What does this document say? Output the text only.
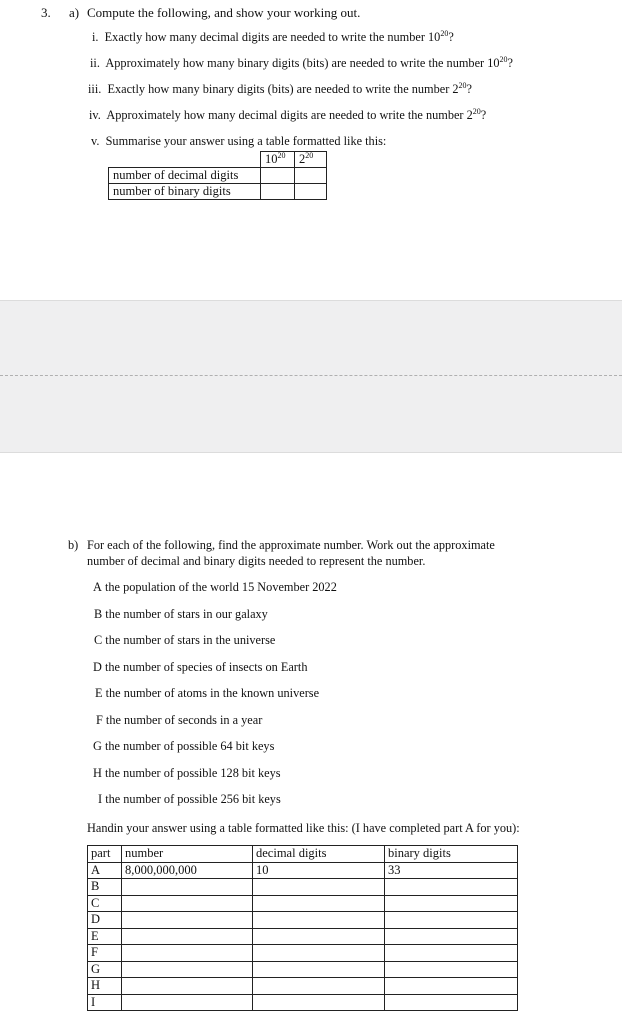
3. a) Compute the following, and show your working out.
i. Exactly how many decimal digits are needed to write the number $10^{20}$?
ii. Approximately how many binary digits (bits) are needed to write the number $10^{20}$?
iii. Exactly how many binary digits (bits) are needed to write the number $2^{20}$?
iv. Approximately how many decimal digits are needed to write the number $2^{20}$?
v. Summarise your answer using a table formatted like this:
	$10^{20}$	$2^{20}$
number of decimal digits		
number of binary digits		
b) For each of the following, find the approximate number. Work out the approximate
number of decimal and binary digits needed to represent the number.
A the population of the world 15 November 2022
B the number of stars in our galaxy
C the number of stars in the universe
D the number of species of insects on Earth
E the number of atoms in the known universe
F the number of seconds in a year
G the number of possible 64 bit keys
H the number of possible 128 bit keys
I the number of possible 256 bit keys
Handin your answer using a table formatted like this: (I have completed part A for you):
part	number	decimal digits	binary digits
A	8,000,000,000	10	33
B			
C			
D			
E			
F			
G			
H			
I			
